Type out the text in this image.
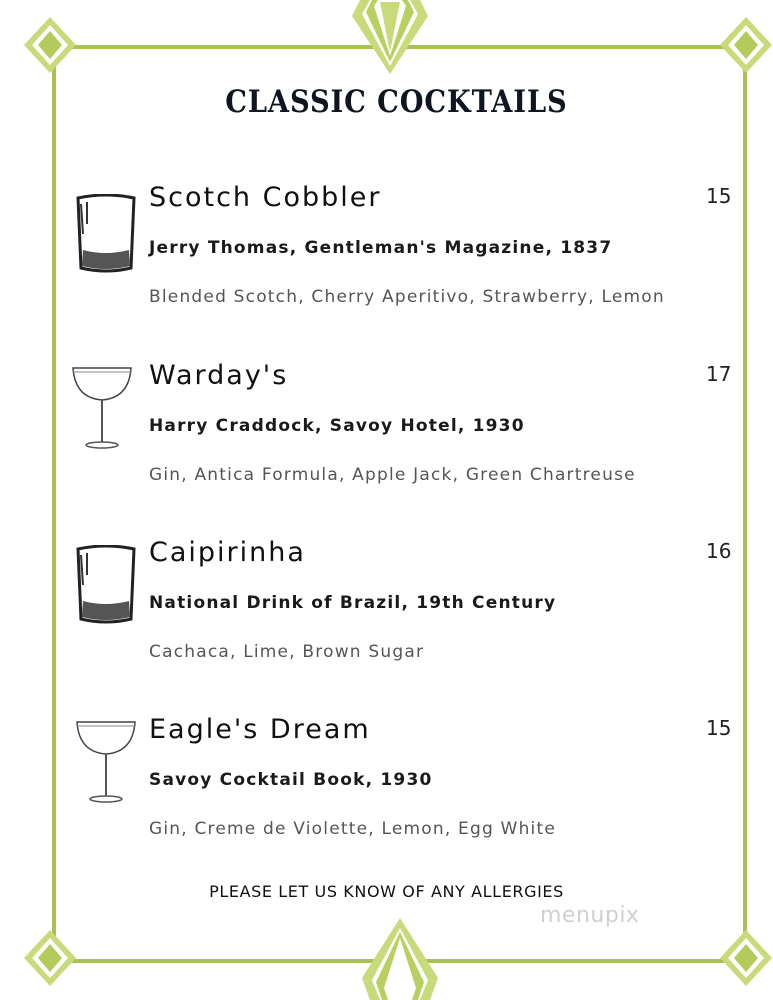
CLASSIC COCKTAILS
Scotch Cobbler	15
Jerry Thomas, Gentleman's Magazine, 1837
Blended Scotch, Cherry Aperitivo, Strawberry, Lemon
Warday's	17
Harry Craddock, Savoy Hotel, 1930
Gin, Antica Formula, Apple Jack, Green Chartreuse
Caipirinha	16
National Drink of Brazil, 19th Century
Cachaca, Lime, Brown Sugar
Eagle's Dream	15
Savoy Cocktail Book, 1930
Gin, Creme de Violette, Lemon, Egg White
PLEASE LET US KNOW OF ANY ALLERGIES
menupix
